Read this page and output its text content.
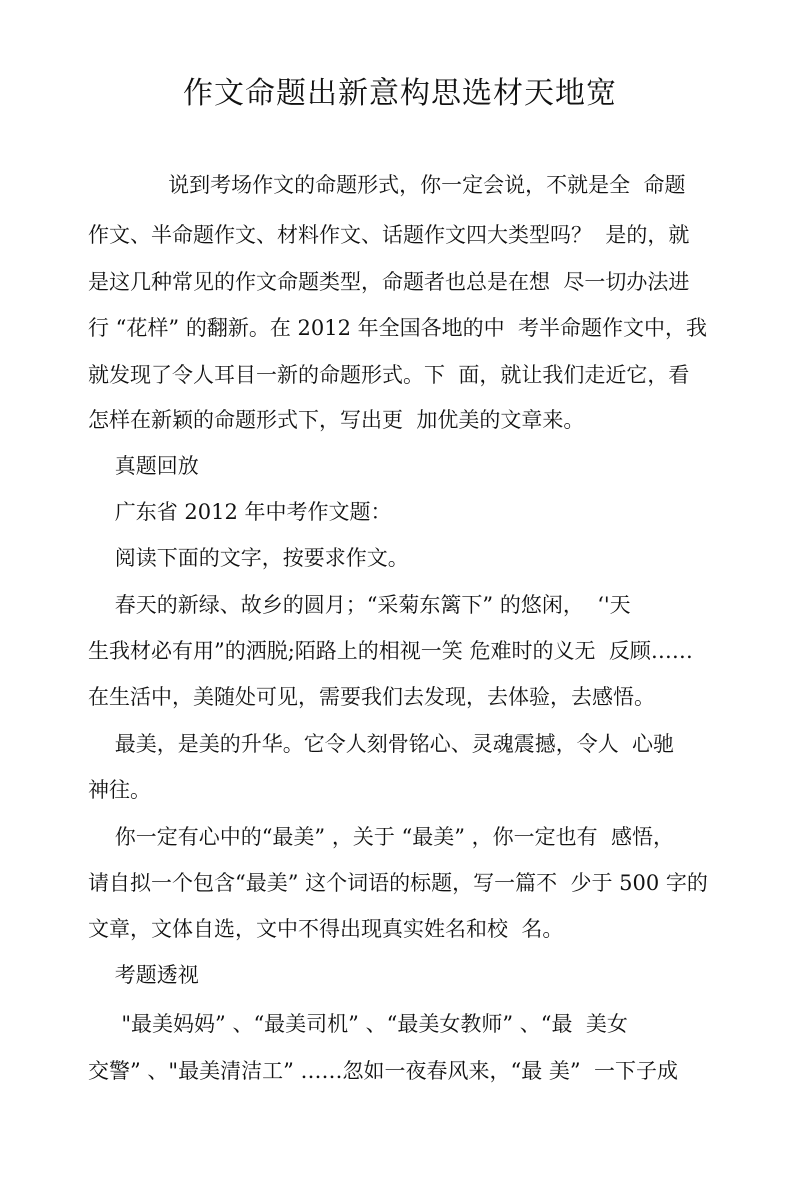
作文命题出新意构思选材天地宽

说到考场作文的命题形式，你一定会说，不就是全  命题

作文、半命题作文、材料作文、话题作文四大类型吗？  是的，就

是这几种常见的作文命题类型，命题者也总是在想  尽一切办法进

行 “花样” 的翻新。在 2012 年全国各地的中  考半命题作文中，我

就发现了令人耳目一新的命题形式。下  面，就让我们走近它，看

怎样在新颖的命题形式下，写出更  加优美的文章来。

真题回放

广东省 2012 年中考作文题：

阅读下面的文字，按要求作文。

春天的新绿、故乡的圆月；“采菊东篱下” 的悠闲，  ‘'天

生我材必有用”的洒脱;陌路上的相视一笑 危难时的义无  反顾……

在生活中，美随处可见，需要我们去发现，去体验，去感悟。

最美，是美的升华。它令人刻骨铭心、灵魂震撼，令人  心驰

神往。

你一定有心中的“最美” ，关于 “最美” ，你一定也有  感悟，

请自拟一个包含“最美” 这个词语的标题，写一篇不  少于 500 字的

文章，文体自选，文中不得出现真实姓名和校  名。

考题透视

"最美妈妈” 、“最美司机” 、“最美女教师” 、“最  美女

交警” 、"最美清洁工” ……忽如一夜春风来，“最 美”  一下子成
